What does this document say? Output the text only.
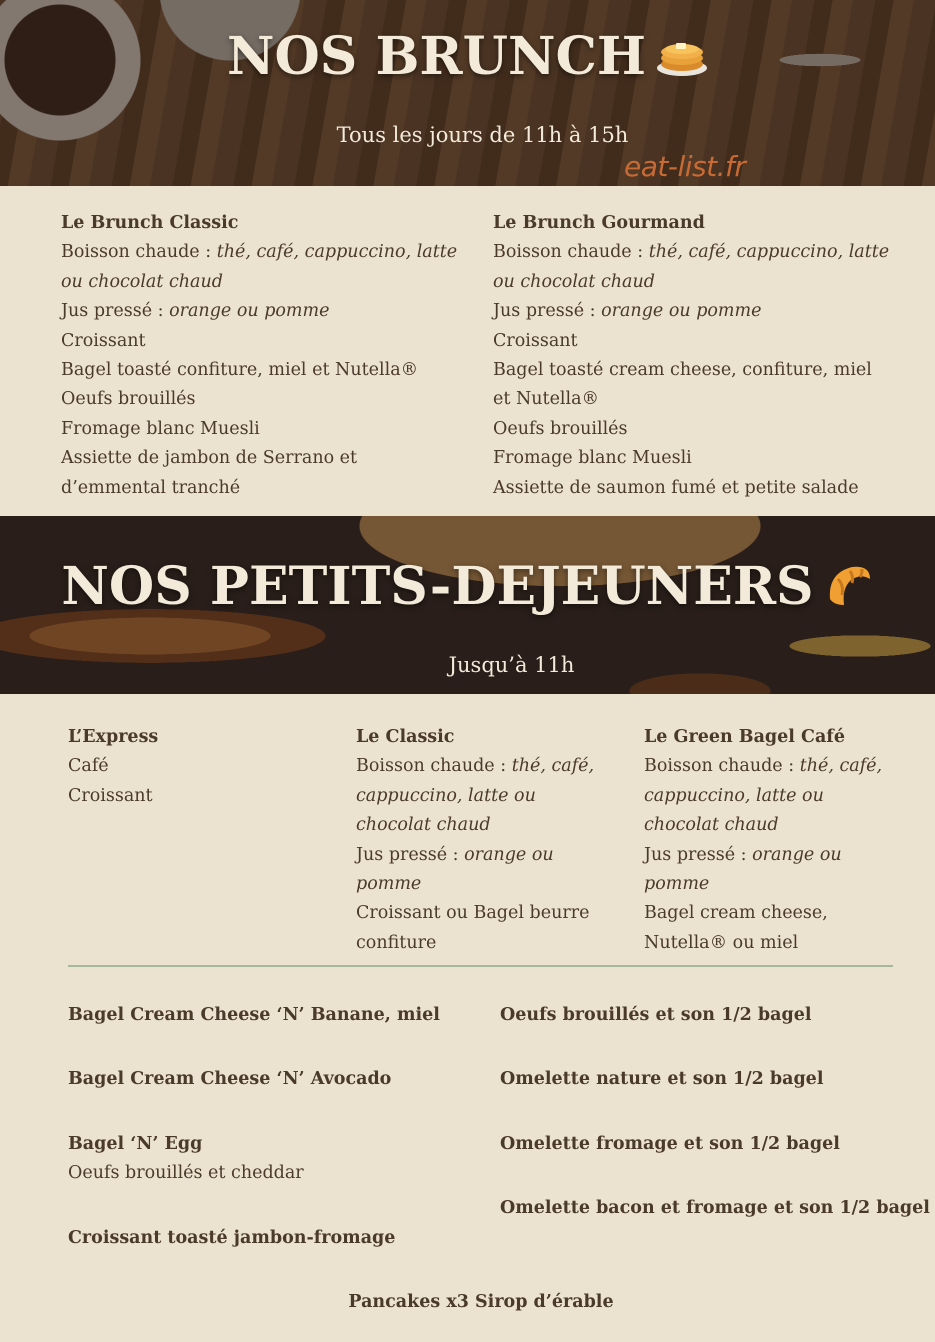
NOS BRUNCH
Tous les jours de 11h à 15h
eat-list.fr
Le Brunch Classic
Boisson chaude : thé, café, cappuccino, latte ou chocolat chaud
Jus pressé : orange ou pomme
Croissant
Bagel toasté confiture, miel et Nutella®
Oeufs brouillés
Fromage blanc Muesli
Assiette de jambon de Serrano et d’emmental tranché
Le Brunch Gourmand
Boisson chaude : thé, café, cappuccino, latte ou chocolat chaud
Jus pressé : orange ou pomme
Croissant
Bagel toasté cream cheese, confiture, miel et Nutella®
Oeufs brouillés
Fromage blanc Muesli
Assiette de saumon fumé et petite salade
NOS PETITS-DEJEUNERS
Jusqu’à 11h
L’Express
Café
Croissant
Le Classic
Boisson chaude : thé, café, cappuccino, latte ou chocolat chaud
Jus pressé : orange ou pomme
Croissant ou Bagel beurre confiture
Le Green Bagel Café
Boisson chaude : thé, café, cappuccino, latte ou chocolat chaud
Jus pressé : orange ou pomme
Bagel cream cheese, Nutella® ou miel
Bagel Cream Cheese ‘N’ Banane, miel
Bagel Cream Cheese ‘N’ Avocado
Bagel ‘N’ Egg
Oeufs brouillés et cheddar
Croissant toasté jambon-fromage
Oeufs brouillés et son 1/2 bagel
Omelette nature et son 1/2 bagel
Omelette fromage et son 1/2 bagel
Omelette bacon et fromage et son 1/2 bagel
Pancakes x3 Sirop d’érable
